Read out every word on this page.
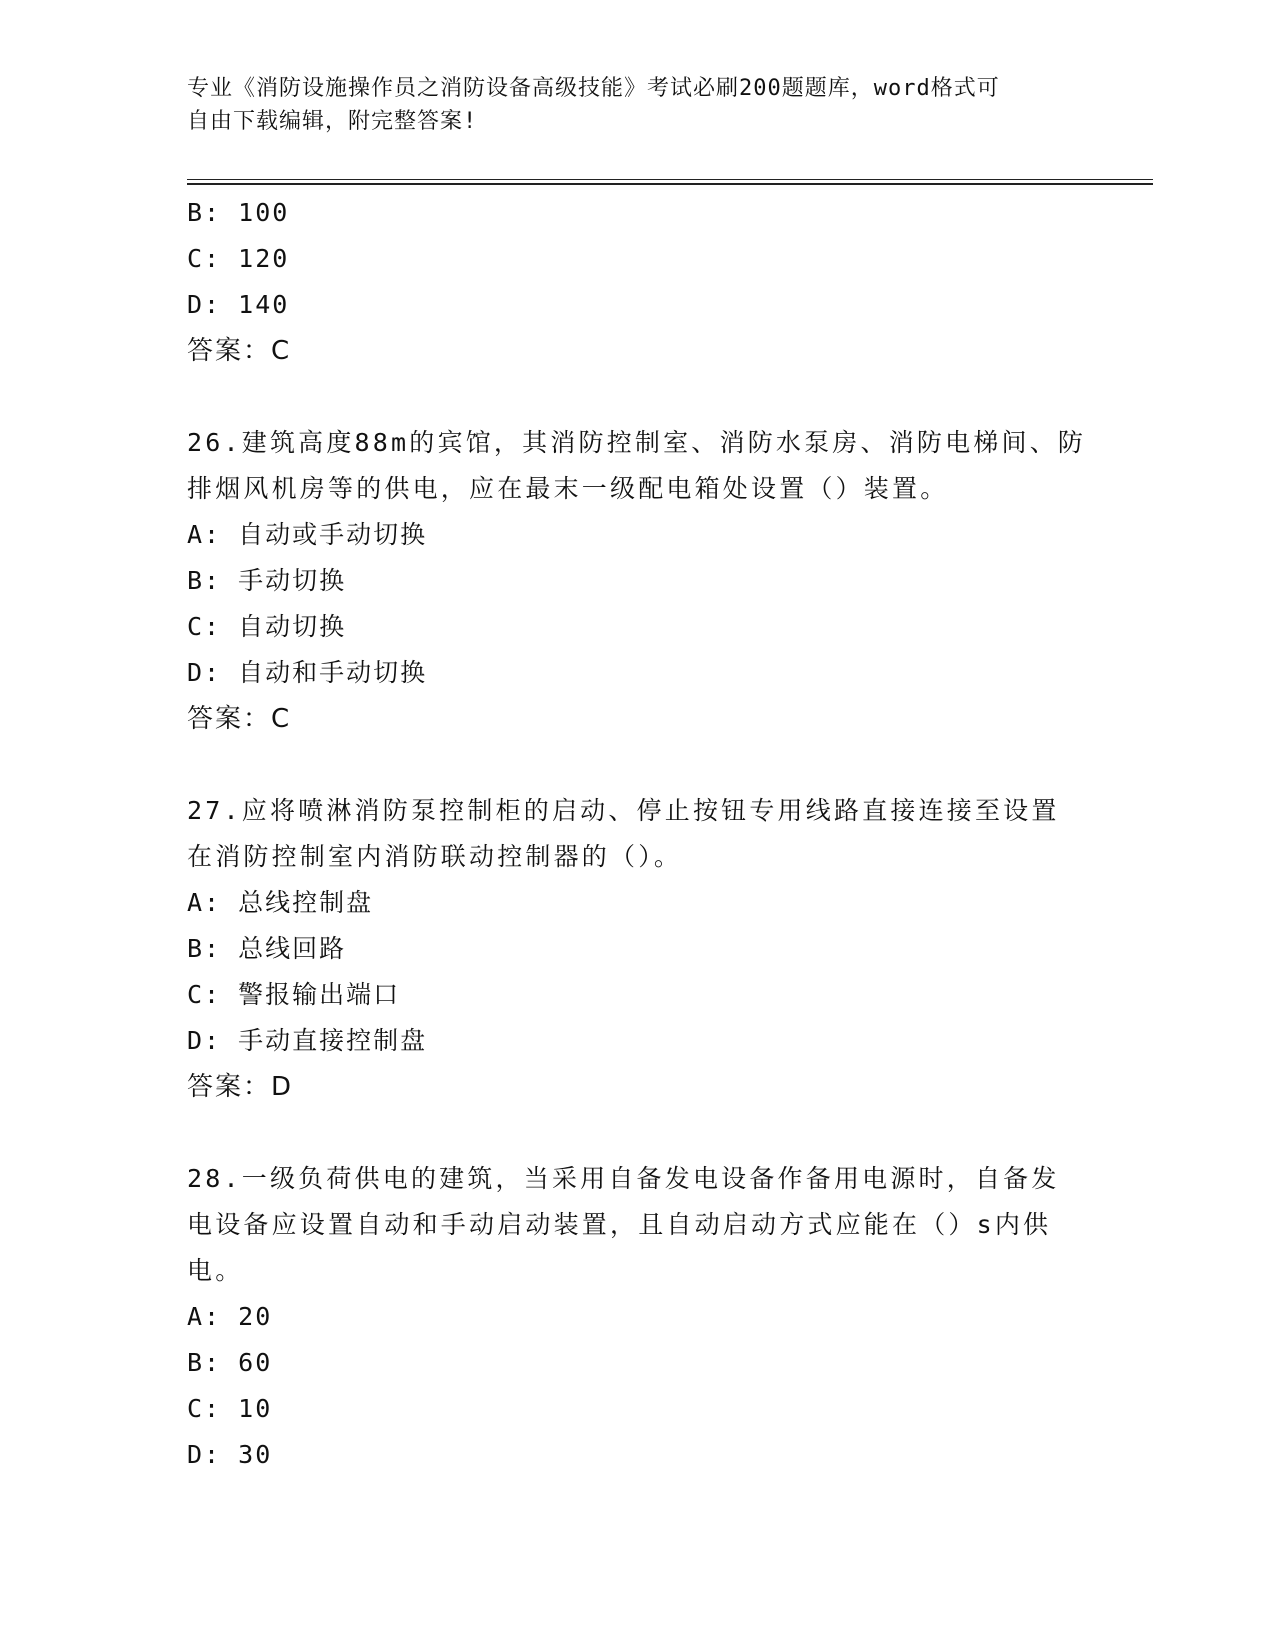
专业《消防设施操作员之消防设备高级技能》考试必刷200题题库，word格式可
自由下载编辑，附完整答案!
B: 100
C: 120
D: 140
答案：C
26.建筑高度88m的宾馆，其消防控制室、消防水泵房、消防电梯间、防排烟风机房等的供电，应在最末一级配电箱处设置（）装置。
A: 自动或手动切换
B: 手动切换
C: 自动切换
D: 自动和手动切换
答案：C
27.应将喷淋消防泵控制柜的启动、停止按钮专用线路直接连接至设置在消防控制室内消防联动控制器的（）。
A: 总线控制盘
B: 总线回路
C: 警报输出端口
D: 手动直接控制盘
答案：D
28.一级负荷供电的建筑，当采用自备发电设备作备用电源时，自备发电设备应设置自动和手动启动装置，且自动启动方式应能在（）s内供电。
A: 20
B: 60
C: 10
D: 30
